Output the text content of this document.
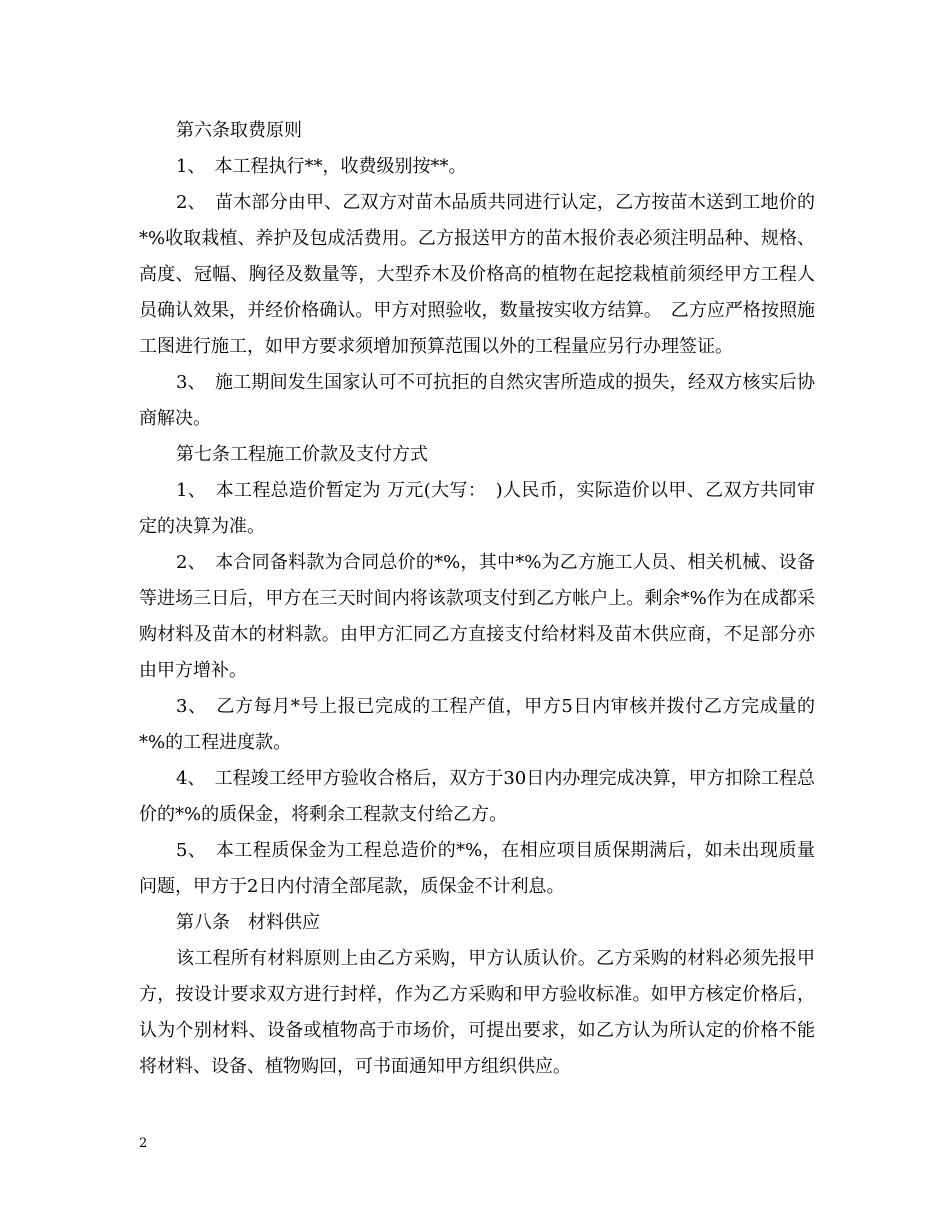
第六条取费原则

1、　本工程执行**，收费级别按**。

2、　苗木部分由甲、乙双方对苗木品质共同进行认定，乙方按苗木送到工地价的*%收取栽植、养护及包成活费用。乙方报送甲方的苗木报价表必须注明品种、规格、高度、冠幅、胸径及数量等，大型乔木及价格高的植物在起挖栽植前须经甲方工程人员确认效果，并经价格确认。甲方对照验收，数量按实收方结算。　乙方应严格按照施工图进行施工，如甲方要求须增加预算范围以外的工程量应另行办理签证。

3、　施工期间发生国家认可不可抗拒的自然灾害所造成的损失，经双方核实后协商解决。

第七条工程施工价款及支付方式

1、　本工程总造价暂定为 万元(大写：　)人民币，实际造价以甲、乙双方共同审定的决算为准。

2、　本合同备料款为合同总价的*%，其中*%为乙方施工人员、相关机械、设备等进场三日后，甲方在三天时间内将该款项支付到乙方帐户上。剩余*%作为在成都采购材料及苗木的材料款。由甲方汇同乙方直接支付给材料及苗木供应商，不足部分亦由甲方增补。

3、　乙方每月*号上报已完成的工程产值，甲方5日内审核并拨付乙方完成量的*%的工程进度款。

4、　工程竣工经甲方验收合格后，双方于30日内办理完成决算，甲方扣除工程总价的*%的质保金，将剩余工程款支付给乙方。

5、　本工程质保金为工程总造价的*%，在相应项目质保期满后，如未出现质量问题，甲方于2日内付清全部尾款，质保金不计利息。

第八条　材料供应

该工程所有材料原则上由乙方采购，甲方认质认价。乙方采购的材料必须先报甲方，按设计要求双方进行封样，作为乙方采购和甲方验收标准。如甲方核定价格后，认为个别材料、设备或植物高于市场价，可提出要求，如乙方认为所认定的价格不能将材料、设备、植物购回，可书面通知甲方组织供应。

2
